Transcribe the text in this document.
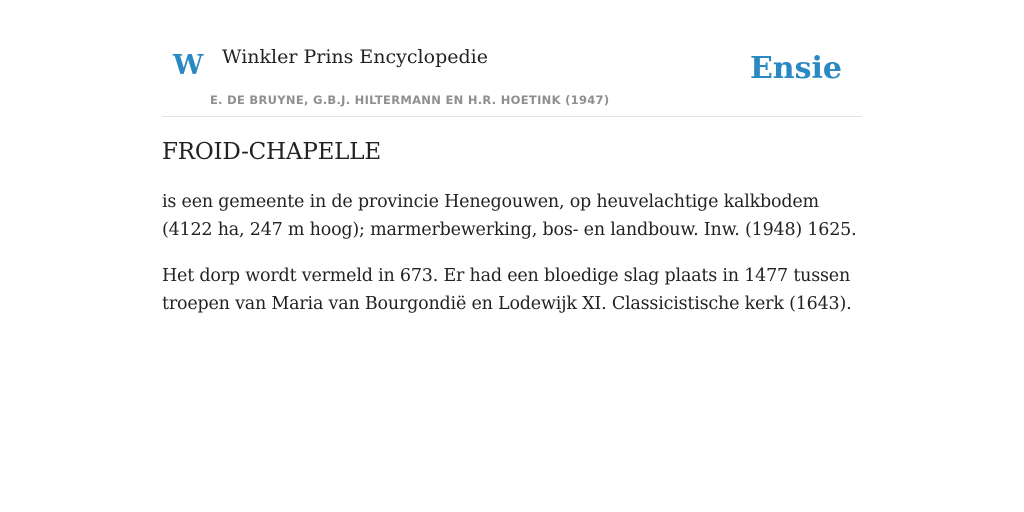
W Winkler Prins Encyclopedie
E. DE BRUYNE, G.B.J. HILTERMANN EN H.R. HOETINK (1947)
Ensie
FROID-CHAPELLE

is een gemeente in de provincie Henegouwen, op heuvelachtige kalkbodem (4122 ha, 247 m hoog); marmerbewerking, bos- en landbouw. Inw. (1948) 1625.

Het dorp wordt vermeld in 673. Er had een bloedige slag plaats in 1477 tussen troepen van Maria van Bourgondië en Lodewijk XI. Classicistische kerk (1643).
